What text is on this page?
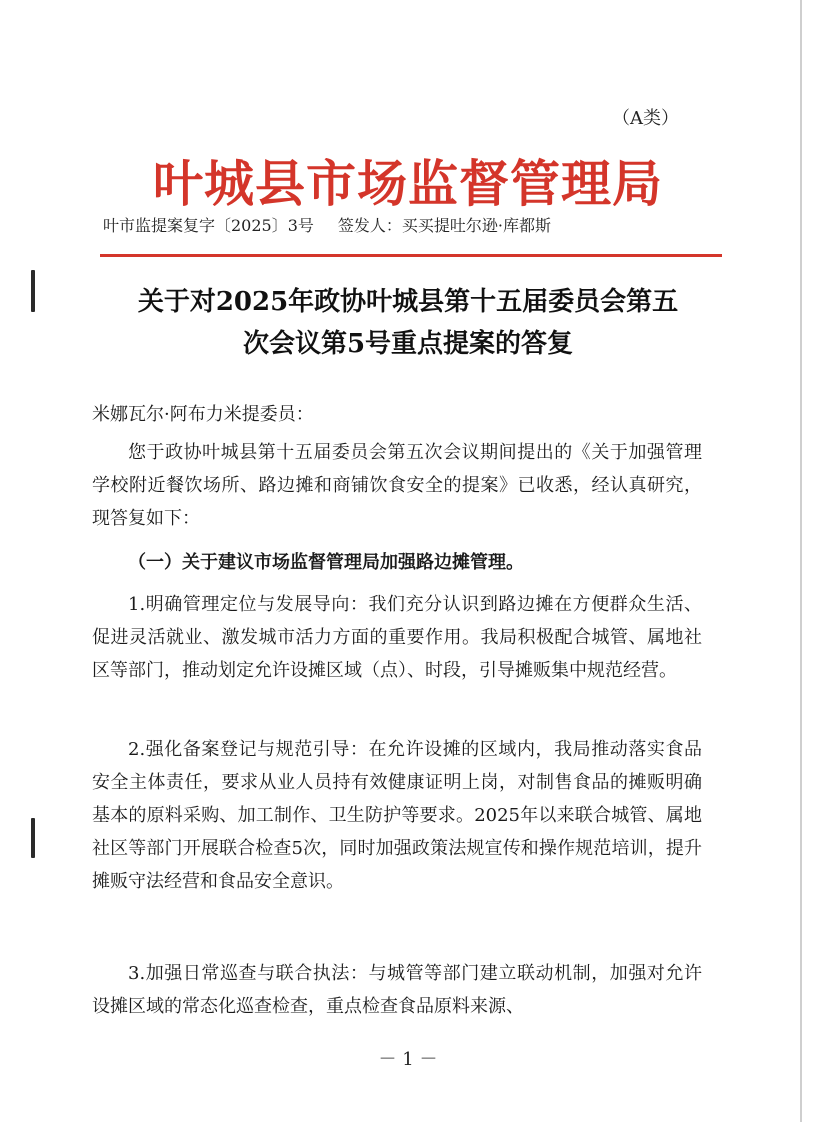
（A类）
叶城县市场监督管理局
叶市监提案复字〔2025〕3号 签发人：买买提吐尔逊·库都斯
关于对2025年政协叶城县第十五届委员会第五
次会议第5号重点提案的答复
米娜瓦尔·阿布力米提委员：

您于政协叶城县第十五届委员会第五次会议期间提出的《关于加强管理学校附近餐饮场所、路边摊和商铺饮食安全的提案》已收悉，经认真研究，现答复如下：

（一）关于建议市场监督管理局加强路边摊管理。

1.明确管理定位与发展导向：我们充分认识到路边摊在方便群众生活、促进灵活就业、激发城市活力方面的重要作用。我局积极配合城管、属地社区等部门，推动划定允许设摊区域（点）、时段，引导摊贩集中规范经营。

2.强化备案登记与规范引导：在允许设摊的区域内，我局推动落实食品安全主体责任，要求从业人员持有效健康证明上岗，对制售食品的摊贩明确基本的原料采购、加工制作、卫生防护等要求。2025年以来联合城管、属地社区等部门开展联合检查5次，同时加强政策法规宣传和操作规范培训，提升摊贩守法经营和食品安全意识。

3.加强日常巡查与联合执法：与城管等部门建立联动机制，加强对允许设摊区域的常态化巡查检查，重点检查食品原料来源、

－ 1 －
